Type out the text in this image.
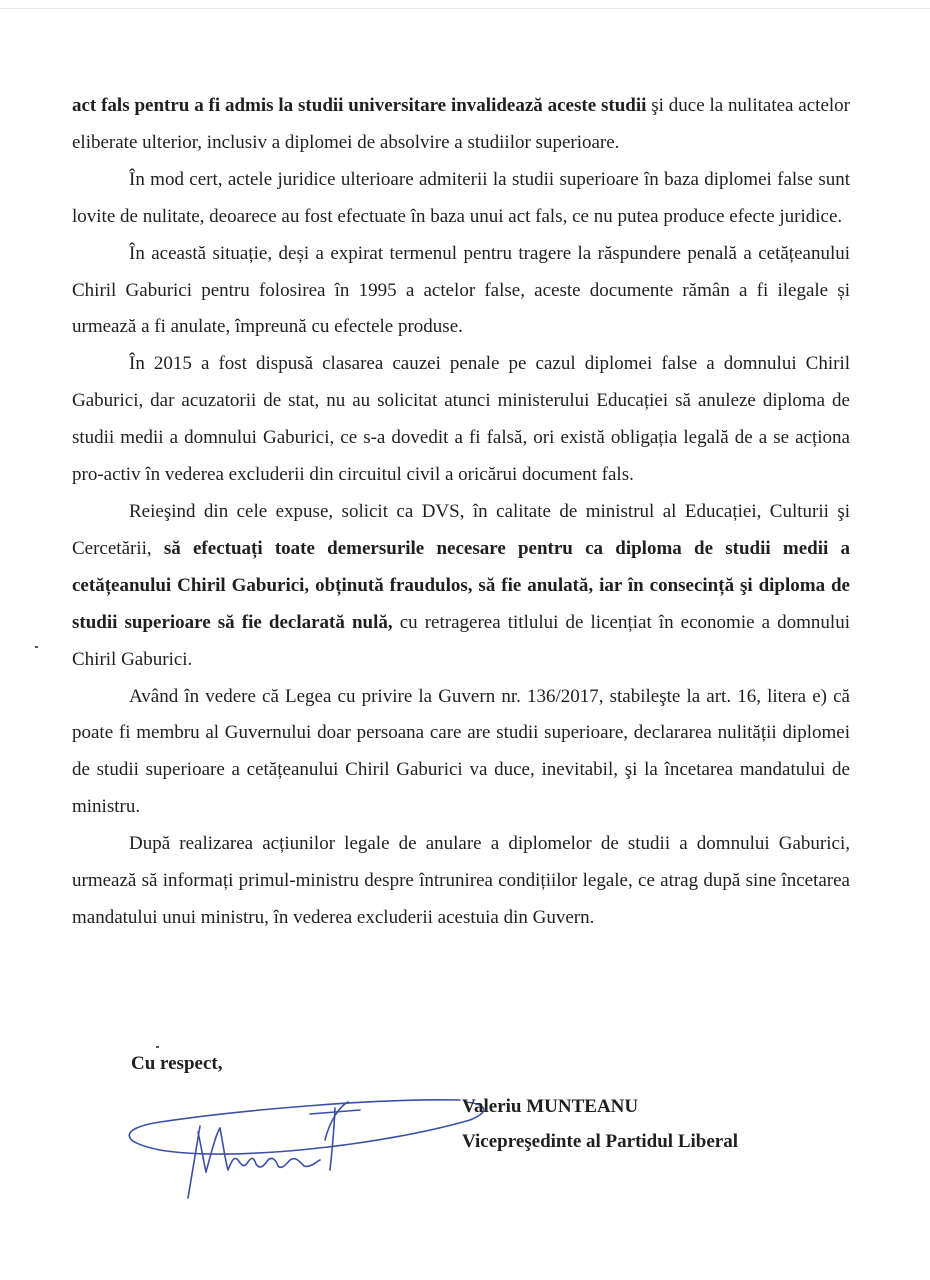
act fals pentru a fi admis la studii universitare invalidează aceste studii şi duce la nulitatea actelor eliberate ulterior, inclusiv a diplomei de absolvire a studiilor superioare.

În mod cert, actele juridice ulterioare admiterii la studii superioare în baza diplomei false sunt lovite de nulitate, deoarece au fost efectuate în baza unui act fals, ce nu putea produce efecte juridice.

În această situație, deși a expirat termenul pentru tragere la răspundere penală a cetățeanului Chiril Gaburici pentru folosirea în 1995 a actelor false, aceste documente rămân a fi ilegale și urmează a fi anulate, împreună cu efectele produse.

În 2015 a fost dispusă clasarea cauzei penale pe cazul diplomei false a domnului Chiril Gaburici, dar acuzatorii de stat, nu au solicitat atunci ministerului Educației să anuleze diploma de studii medii a domnului Gaburici, ce s-a dovedit a fi falsă, ori există obligația legală de a se acționa pro-activ în vederea excluderii din circuitul civil a oricărui document fals.

Reieşind din cele expuse, solicit ca DVS, în calitate de ministrul al Educației, Culturii şi Cercetării, să efectuați toate demersurile necesare pentru ca diploma de studii medii a cetățeanului Chiril Gaburici, obținută fraudulos, să fie anulată, iar în consecință şi diploma de studii superioare să fie declarată nulă, cu retragerea titlului de licențiat în economie a domnului Chiril Gaburici.

Având în vedere că Legea cu privire la Guvern nr. 136/2017, stabileşte la art. 16, litera e) că poate fi membru al Guvernului doar persoana care are studii superioare, declararea nulității diplomei de studii superioare a cetățeanului Chiril Gaburici va duce, inevitabil, şi la încetarea mandatului de ministru.

După realizarea acțiunilor legale de anulare a diplomelor de studii a domnului Gaburici, urmează să informați primul-ministru despre întrunirea condițiilor legale, ce atrag după sine încetarea mandatului unui ministru, în vederea excluderii acestuia din Guvern.

Cu respect,

Valeriu MUNTEANU
Vicepreşedinte al Partidul Liberal
